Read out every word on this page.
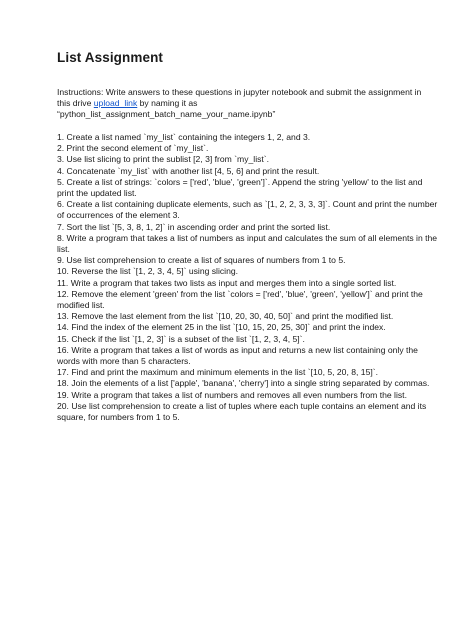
List Assignment

Instructions: Write answers to these questions in jupyter notebook and submit the assignment in this drive upload_link by naming it as
“python_list_assignment_batch_name_your_name.ipynb”

1. Create a list named `my_list` containing the integers 1, 2, and 3.
2. Print the second element of `my_list`.
3. Use list slicing to print the sublist [2, 3] from `my_list`.
4. Concatenate `my_list` with another list [4, 5, 6] and print the result.
5. Create a list of strings: `colors = ['red', 'blue', 'green']`. Append the string 'yellow' to the list and print the updated list.
6. Create a list containing duplicate elements, such as `[1, 2, 2, 3, 3, 3]`. Count and print the number of occurrences of the element 3.
7. Sort the list `[5, 3, 8, 1, 2]` in ascending order and print the sorted list.
8. Write a program that takes a list of numbers as input and calculates the sum of all elements in the list.
9. Use list comprehension to create a list of squares of numbers from 1 to 5.
10. Reverse the list `[1, 2, 3, 4, 5]` using slicing.
11. Write a program that takes two lists as input and merges them into a single sorted list.
12. Remove the element 'green' from the list `colors = ['red', 'blue', 'green', 'yellow']` and print the modified list.
13. Remove the last element from the list `[10, 20, 30, 40, 50]` and print the modified list.
14. Find the index of the element 25 in the list `[10, 15, 20, 25, 30]` and print the index.
15. Check if the list `[1, 2, 3]` is a subset of the list `[1, 2, 3, 4, 5]`.
16. Write a program that takes a list of words as input and returns a new list containing only the words with more than 5 characters.
17. Find and print the maximum and minimum elements in the list `[10, 5, 20, 8, 15]`.
18. Join the elements of a list ['apple', 'banana', 'cherry'] into a single string separated by commas.
19. Write a program that takes a list of numbers and removes all even numbers from the list.
20. Use list comprehension to create a list of tuples where each tuple contains an element and its square, for numbers from 1 to 5.
